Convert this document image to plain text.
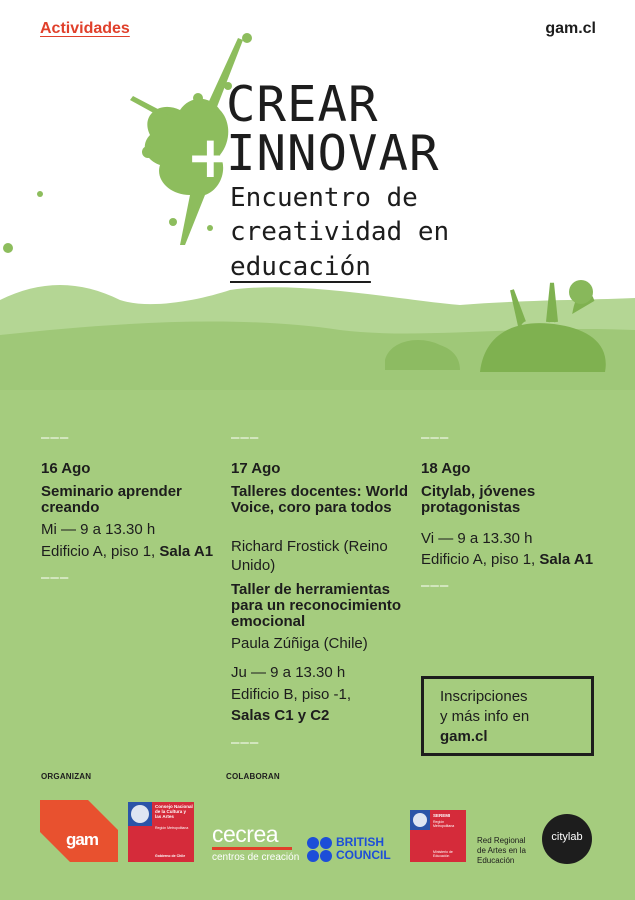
Actividades	gam.cl
CREAR
+
INNOVAR
Encuentro de
creatividad en
educación
———
16 Ago
Seminario aprender creando
Mi — 9 a 13.30 h
Edificio A, piso 1, Sala A1
———
———
17 Ago
Talleres docentes: World Voice, coro para todos
Richard Frostick (Reino Unido)
Taller de herramientas para un reconocimiento emocional
Paula Zúñiga (Chile)
Ju — 9 a 13.30 h
Edificio B, piso -1,
Salas C1 y C2
———
———
18 Ago
Citylab, jóvenes protagonistas
Vi — 9 a 13.30 h
Edificio A, piso 1, Sala A1
———
Inscripciones
y más info en
gam.cl
ORGANIZAN	COLABORAN
gam
Consejo Nacional de la Cultura y las Artes
Región Metropolitana
Gobierno de Chile
cecrea
centros de creación
BRITISH
COUNCIL
SEREMI
Región Metropolitana
Ministerio de Educación
Red Regional
de Artes en la
Educación
citylab
